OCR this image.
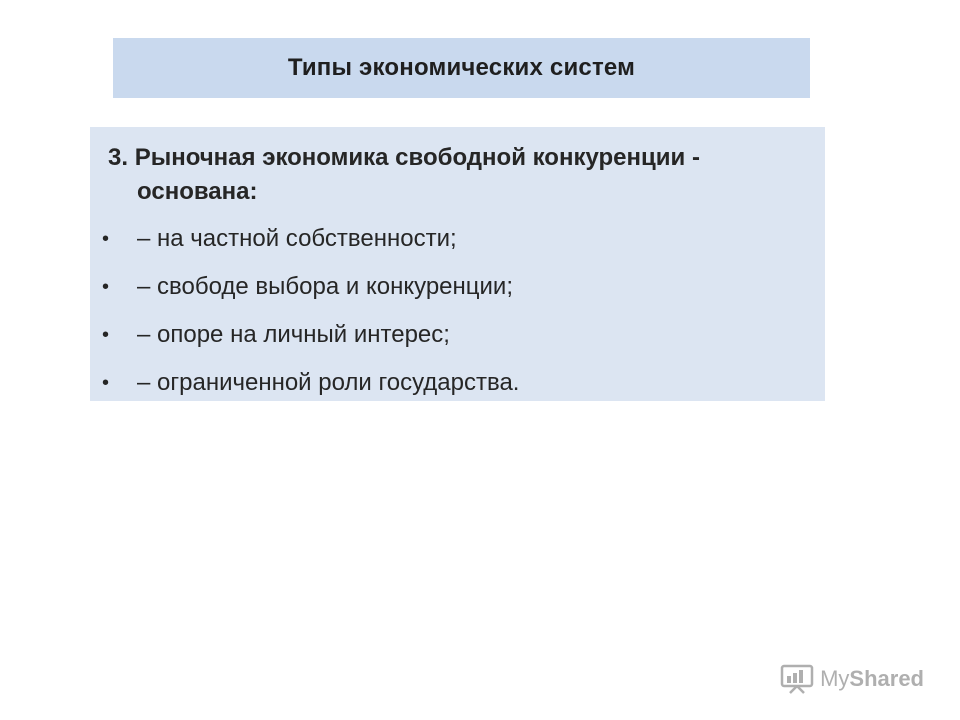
Типы экономических систем
3. Рыночная экономика свободной конкуренции -
основана:
• – на частной собственности;
• – свободе выбора и конкуренции;
• – опоре на личный интерес;
• – ограниченной роли государства.
MyShared
